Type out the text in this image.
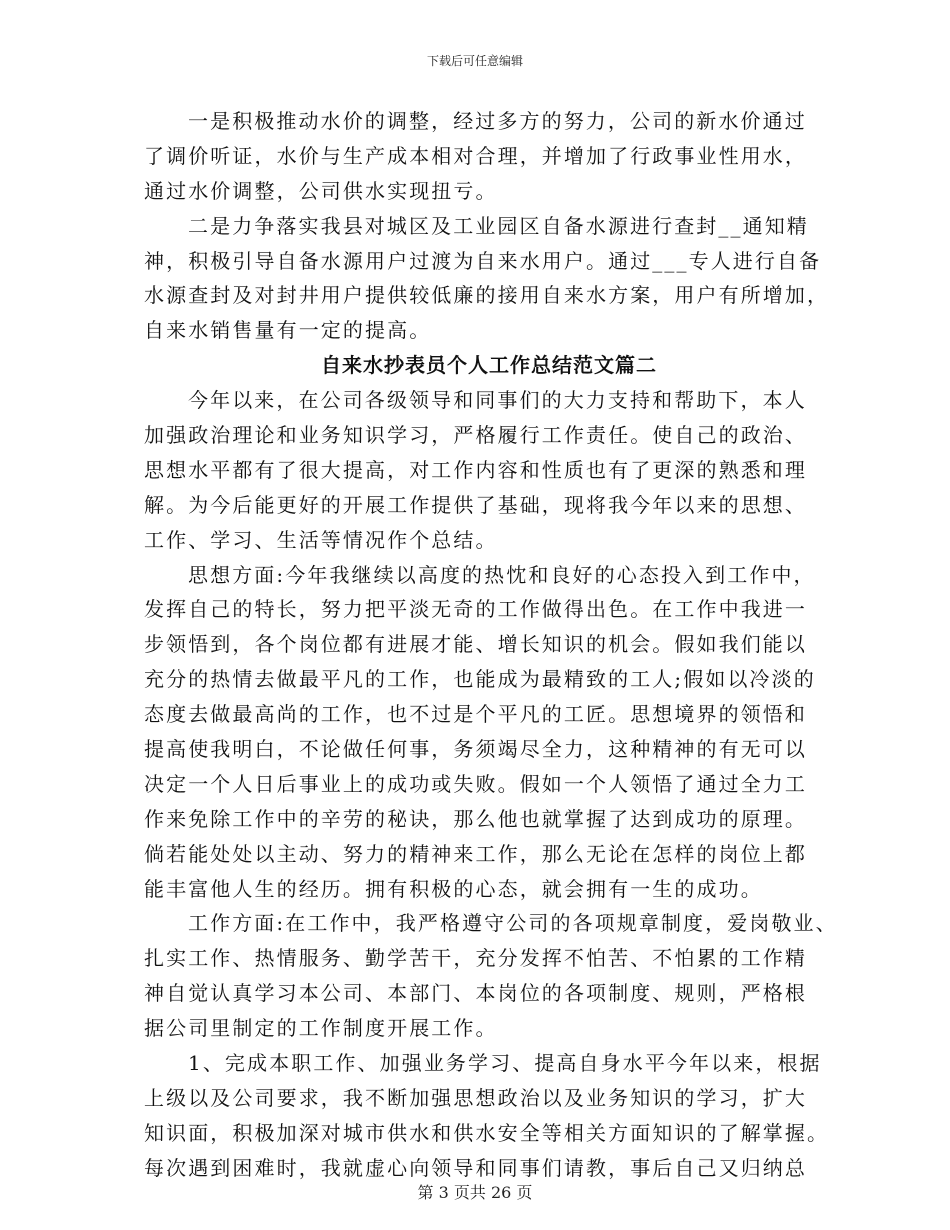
下载后可任意编辑
一是积极推动水价的调整，经过多方的努力，公司的新水价通过
了调价听证，水价与生产成本相对合理，并增加了行政事业性用水，
通过水价调整，公司供水实现扭亏。
二是力争落实我县对城区及工业园区自备水源进行查封__通知精
神，积极引导自备水源用户过渡为自来水用户。通过___专人进行自备
水源查封及对封井用户提供较低廉的接用自来水方案，用户有所增加，
自来水销售量有一定的提高。
自来水抄表员个人工作总结范文篇二
今年以来，在公司各级领导和同事们的大力支持和帮助下，本人
加强政治理论和业务知识学习，严格履行工作责任。使自己的政治、
思想水平都有了很大提高，对工作内容和性质也有了更深的熟悉和理
解。为今后能更好的开展工作提供了基础，现将我今年以来的思想、
工作、学习、生活等情况作个总结。
思想方面:今年我继续以高度的热忱和良好的心态投入到工作中，
发挥自己的特长，努力把平淡无奇的工作做得出色。在工作中我进一
步领悟到，各个岗位都有进展才能、增长知识的机会。假如我们能以
充分的热情去做最平凡的工作，也能成为最精致的工人;假如以冷淡的
态度去做最高尚的工作，也不过是个平凡的工匠。思想境界的领悟和
提高使我明白，不论做任何事，务须竭尽全力，这种精神的有无可以
决定一个人日后事业上的成功或失败。假如一个人领悟了通过全力工
作来免除工作中的辛劳的秘诀，那么他也就掌握了达到成功的原理。
倘若能处处以主动、努力的精神来工作，那么无论在怎样的岗位上都
能丰富他人生的经历。拥有积极的心态，就会拥有一生的成功。
工作方面:在工作中，我严格遵守公司的各项规章制度，爱岗敬业、
扎实工作、热情服务、勤学苦干，充分发挥不怕苦、不怕累的工作精
神自觉认真学习本公司、本部门、本岗位的各项制度、规则，严格根
据公司里制定的工作制度开展工作。
1、完成本职工作、加强业务学习、提高自身水平今年以来，根据
上级以及公司要求，我不断加强思想政治以及业务知识的学习，扩大
知识面，积极加深对城市供水和供水安全等相关方面知识的了解掌握。
每次遇到困难时，我就虚心向领导和同事们请教，事后自己又归纳总
第 3 页共 26 页
